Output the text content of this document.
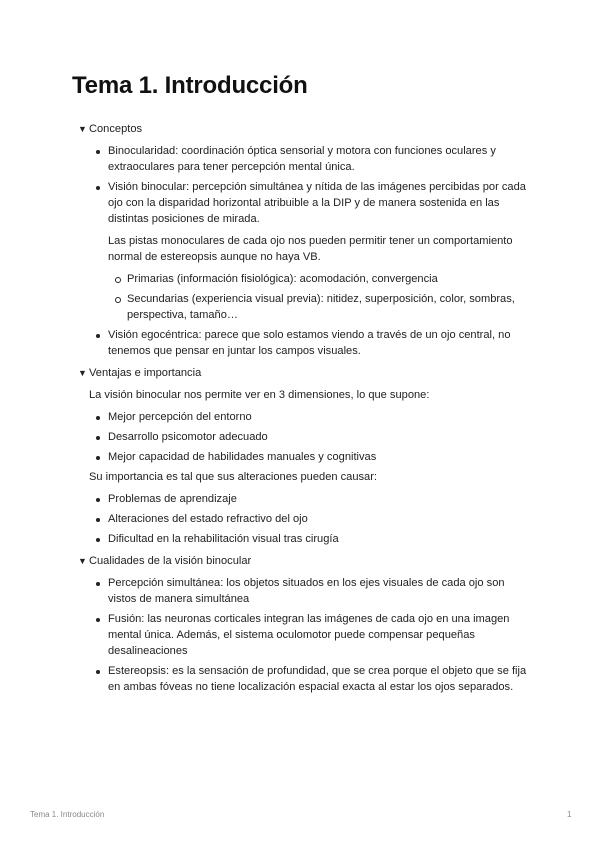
Tema 1. Introducción
▼ Conceptos
Binocularidad: coordinación óptica sensorial y motora con funciones oculares y extraoculares para tener percepción mental única.
Visión binocular: percepción simultánea y nítida de las imágenes percibidas por cada ojo con la disparidad horizontal atribuible a la DIP y de manera sostenida en las distintas posiciones de mirada.
Las pistas monoculares de cada ojo nos pueden permitir tener un comportamiento normal de estereopsis aunque no haya VB.
Primarias (información fisiológica): acomodación, convergencia
Secundarias (experiencia visual previa): nitidez, superposición, color, sombras, perspectiva, tamaño…
Visión egocéntrica: parece que solo estamos viendo a través de un ojo central, no tenemos que pensar en juntar los campos visuales.
▼ Ventajas e importancia
La visión binocular nos permite ver en 3 dimensiones, lo que supone:
Mejor percepción del entorno
Desarrollo psicomotor adecuado
Mejor capacidad de habilidades manuales y cognitivas
Su importancia es tal que sus alteraciones pueden causar:
Problemas de aprendizaje
Alteraciones del estado refractivo del ojo
Dificultad en la rehabilitación visual tras cirugía
▼ Cualidades de la visión binocular
Percepción simultánea: los objetos situados en los ejes visuales de cada ojo son vistos de manera simultánea
Fusión: las neuronas corticales integran las imágenes de cada ojo en una imagen mental única. Además, el sistema oculomotor puede compensar pequeñas desalineaciones
Estereopsis: es la sensación de profundidad, que se crea porque el objeto que se fija en ambas fóveas no tiene localización espacial exacta al estar los ojos separados.
Tema 1. Introducción	1
